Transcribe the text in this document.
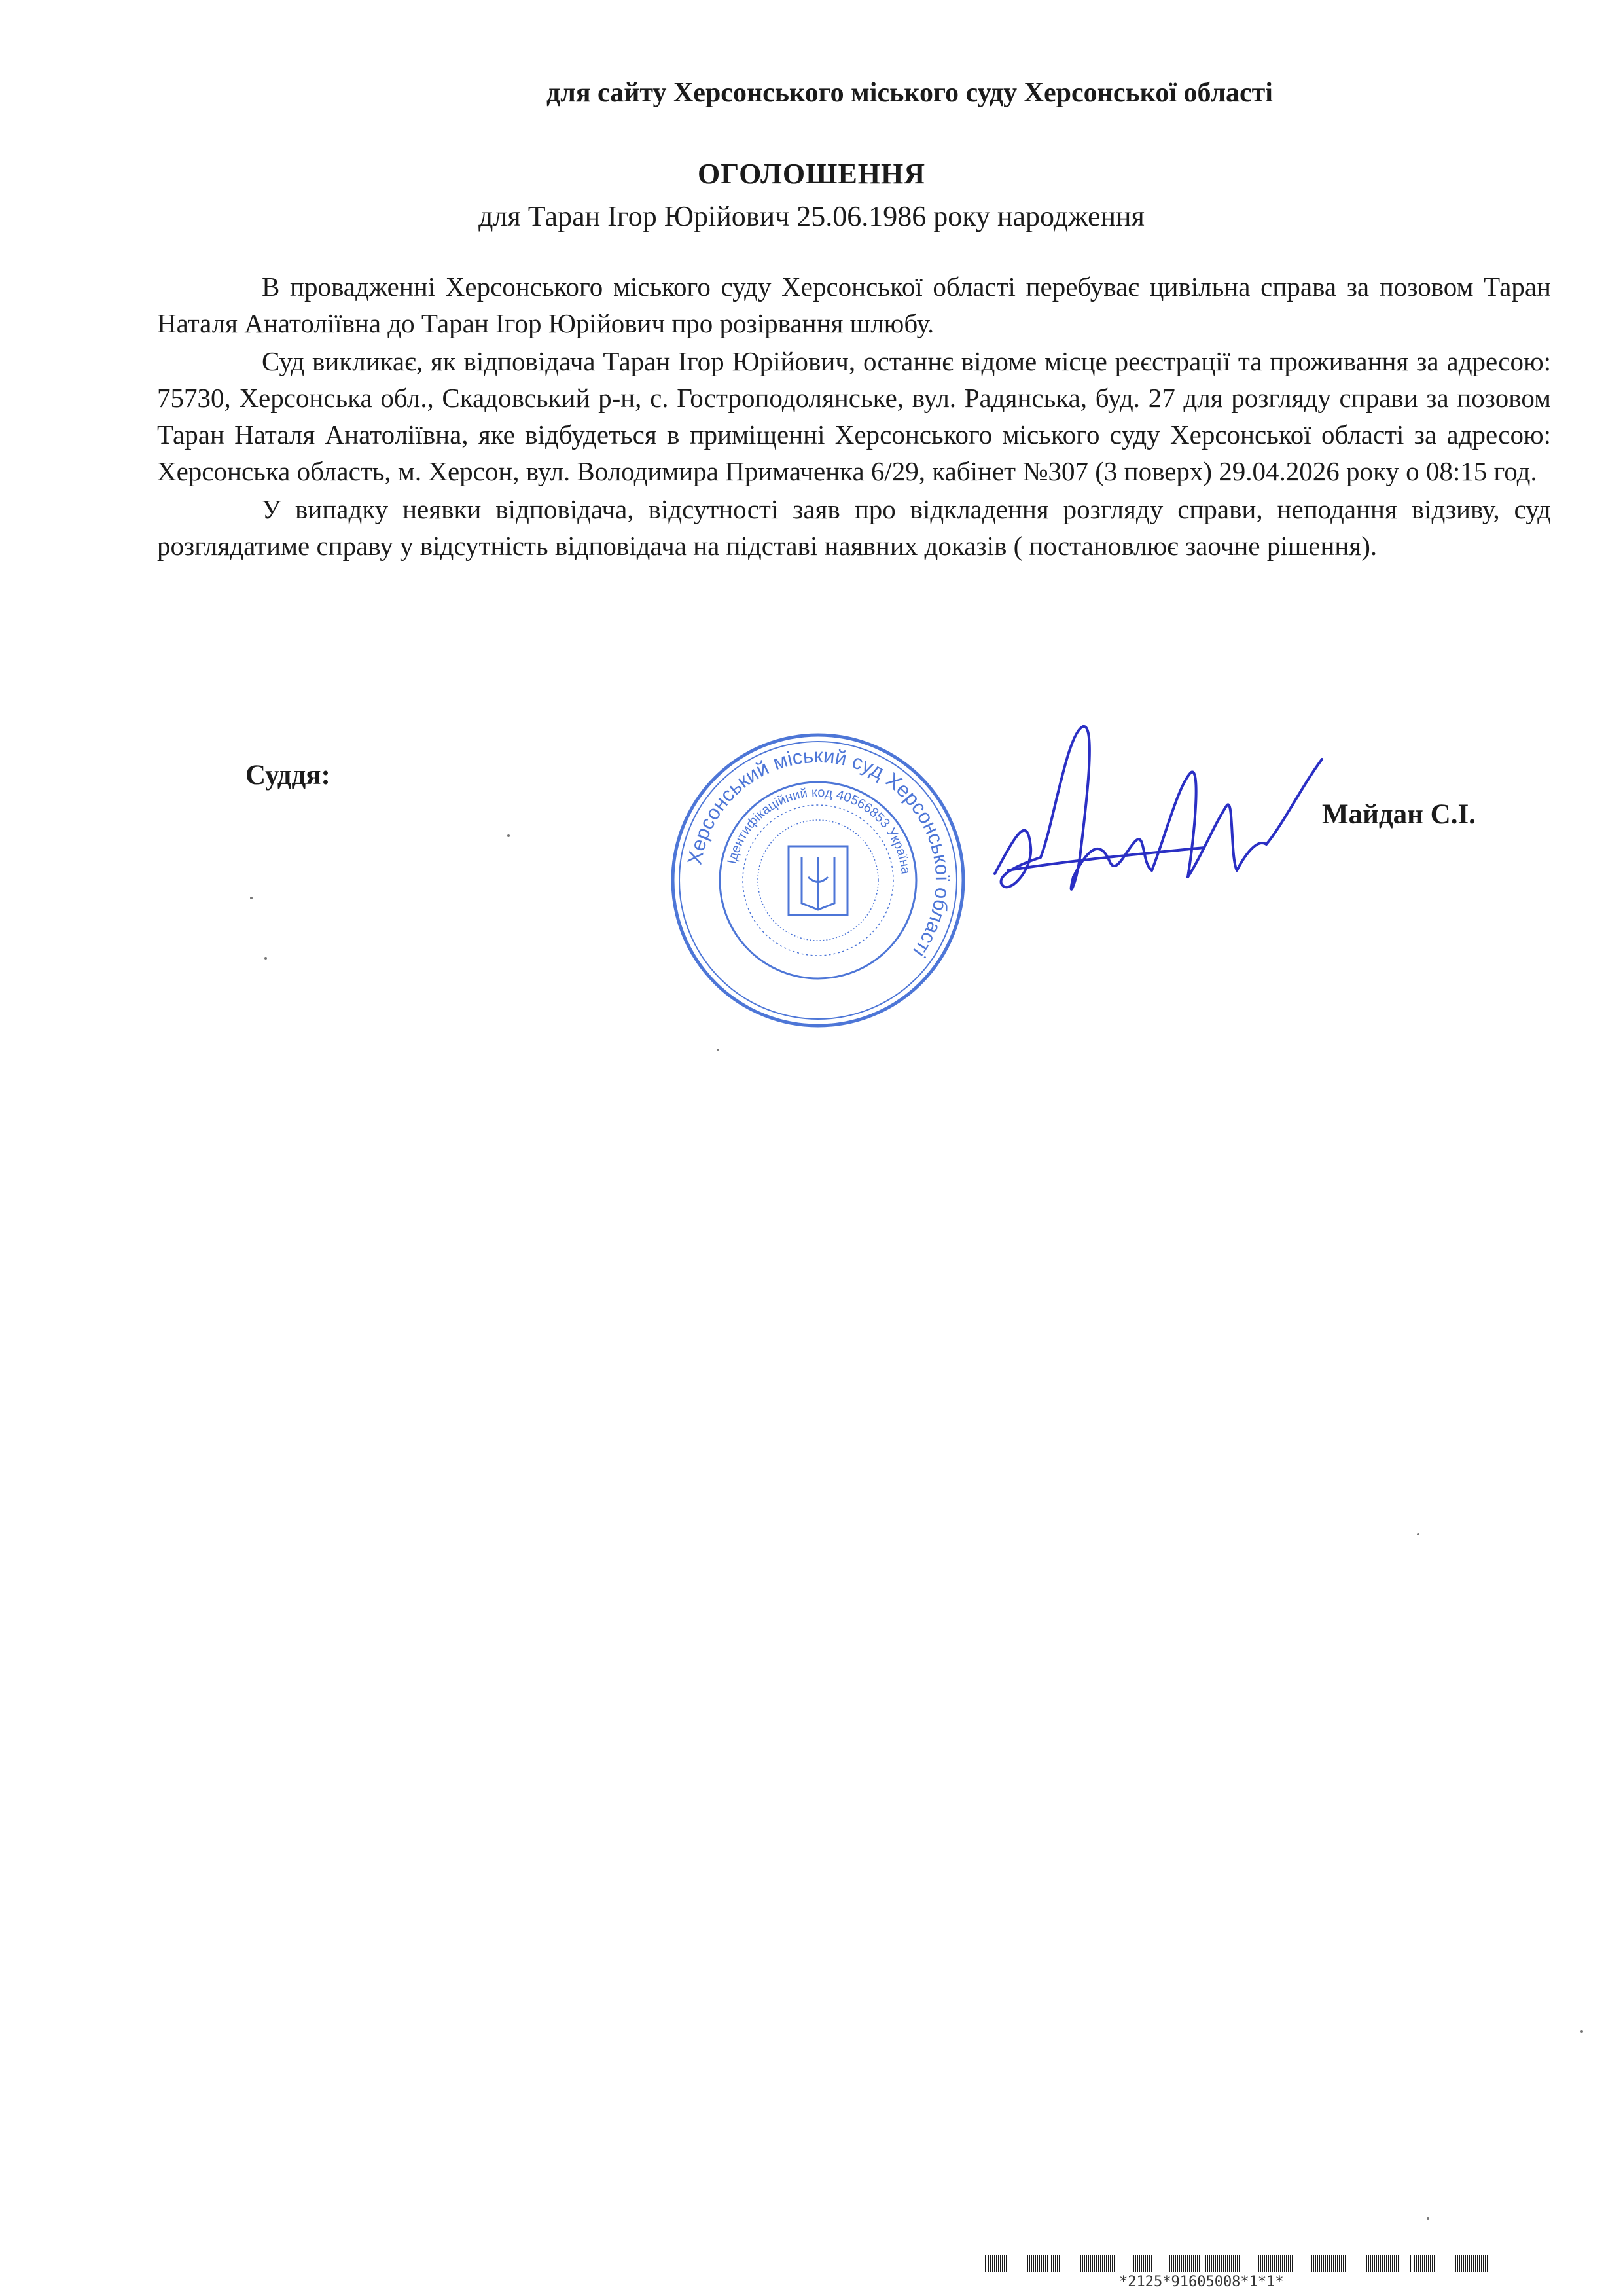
для сайту Херсонського міського суду Херсонської області
ОГОЛОШЕННЯ
для Таран Ігор Юрійович 25.06.1986 року народження

В провадженні Херсонського міського суду Херсонської області перебуває цивільна справа за позовом Таран Наталя Анатоліївна до Таран Ігор Юрійович про розірвання шлюбу.

Суд викликає, як відповідача Таран Ігор Юрійович, останнє відоме місце реєстрації та проживання за адресою: 75730, Херсонська обл., Скадовський р-н, с. Гостроподолянське, вул. Радянська, буд. 27 для розгляду справи за позовом Таран Наталя Анатоліївна, яке відбудеться в приміщенні Херсонського міського суду Херсонської області за адресою: Херсонська область, м. Херсон, вул. Володимира Примаченка 6/29, кабінет №307 (3 поверх) 29.04.2026 року о 08:15 год.

У випадку неявки відповідача, відсутності заяв про відкладення розгляду справи, неподання відзиву, суд розглядатиме справу у відсутність відповідача на підставі наявних доказів ( постановлює заочне рішення).

Суддя:
Херсонський міський суд Херсонської області
Ідентифікаційний код 40566853 Україна
Майдан С.І.
*2125*91605008*1*1*
